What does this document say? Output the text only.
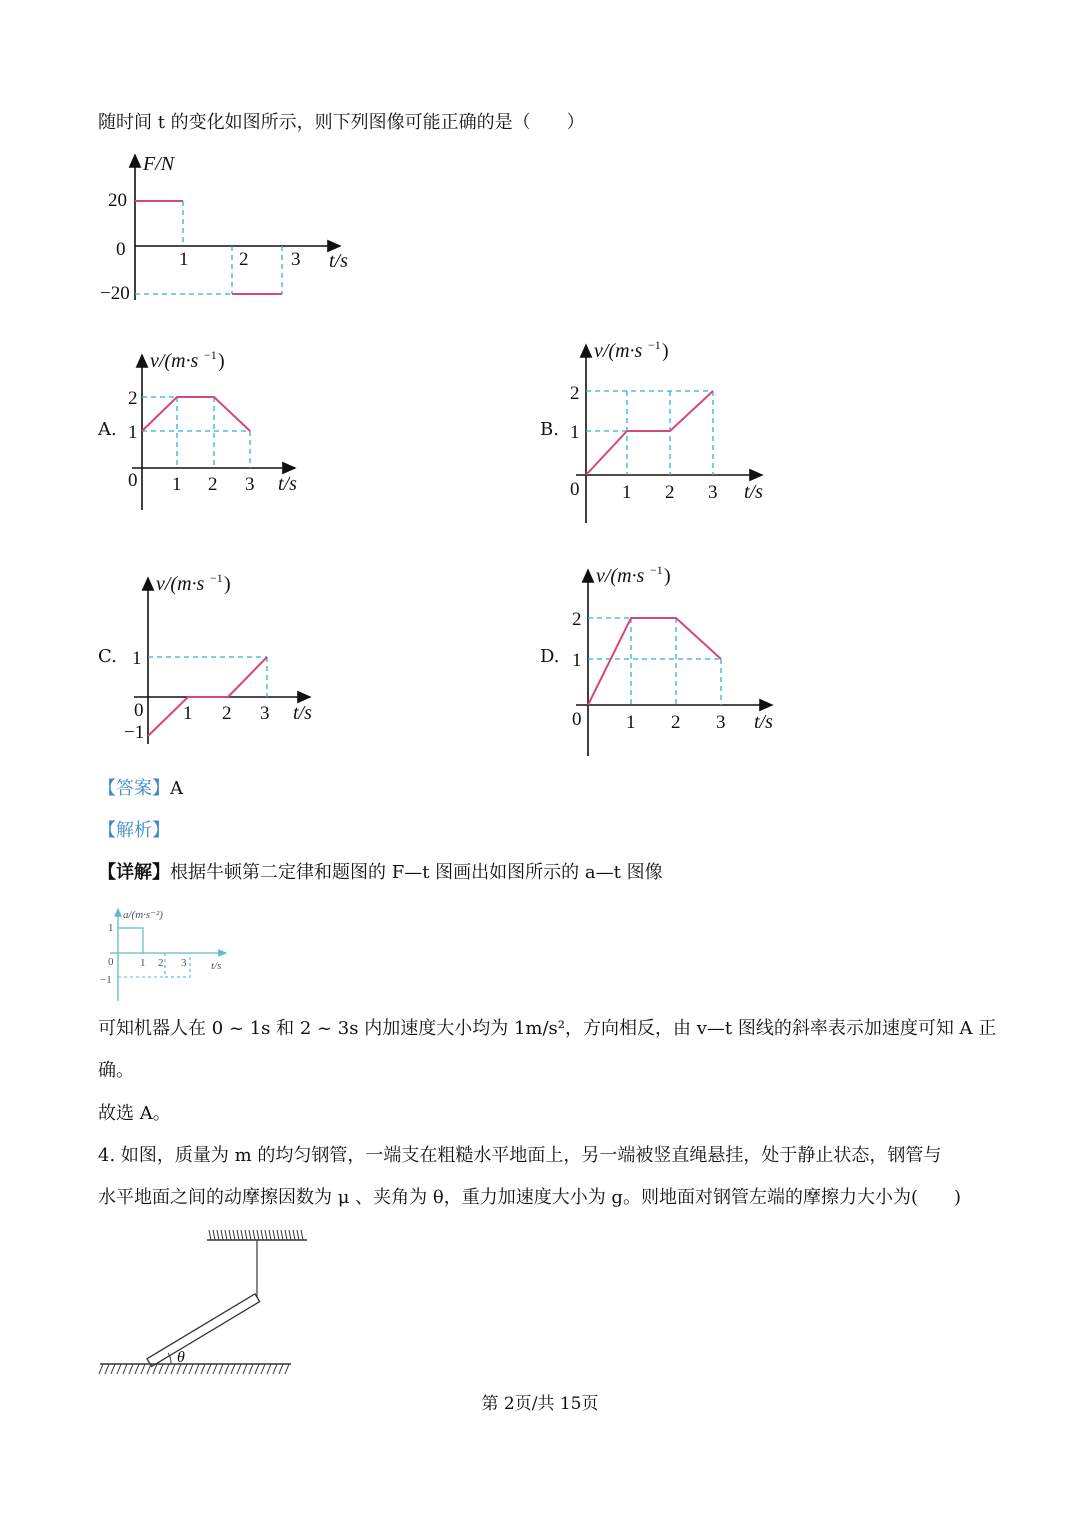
随时间 t 的变化如图所示，则下列图像可能正确的是（　　）
F/N
t/s
20
0
−20
1	2 3
A.
v/(m·s −1 )
2
1
0 1 2 3 t/s
B.
v/(m·s −1 )
2
1
0 1 2 3 t/s
C.
v/(m·s −1 )
1
0
−1
1 2 3 t/s
D.
v/(m·s −1 )
2
1
0 1 2 3 t/s
【答案】A
【解析】
【详解】根据牛顿第二定律和题图的 F—t 图画出如图所示的 a—t 图像
a/(m·s⁻²)
1
0
−1
1 2 3 t/s
可知机器人在 0 ~ 1s 和 2 ~ 3s 内加速度大小均为 1m/s²，方向相反，由 v—t 图线的斜率表示加速度可知 A 正
确。
故选 A。
4. 如图，质量为 m 的均匀钢管，一端支在粗糙水平地面上，另一端被竖直绳悬挂，处于静止状态，钢管与
水平地面之间的动摩擦因数为 μ 、夹角为 θ，重力加速度大小为 g。则地面对钢管左端的摩擦力大小为(　　)
θ
第 2页/共 15页
